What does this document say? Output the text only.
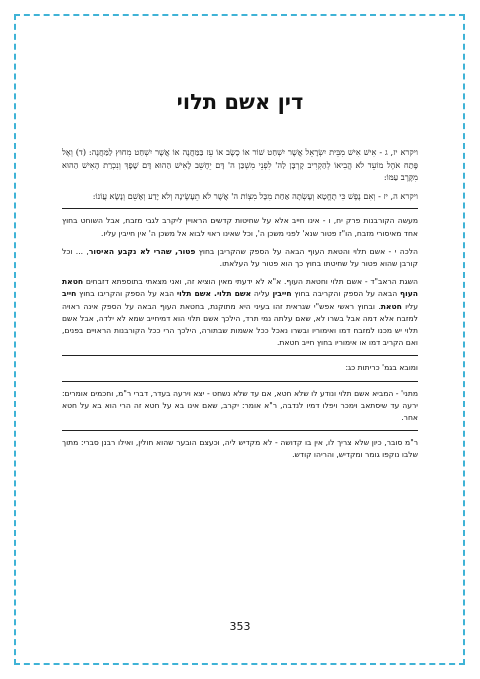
דין אשם תלוי

ויקרא יז, ג - אִישׁ אִישׁ מִבֵּית יִשְׂרָאֵל אֲשֶׁר יִשְׁחַט שׁוֹר אוֹ כֶשֶׂב אוֹ עֵז בַּמַּחֲנֶה אוֹ אֲשֶׁר יִשְׁחַט מִחוּץ לַמַּחֲנֶה: (ד) וְאֶל פֶּתַח אֹהֶל מוֹעֵד לֹא הֱבִיאוֹ לְהַקְרִיב קָרְבָּן לַה' לִפְנֵי מִשְׁכַּן ה' דָּם יֵחָשֵׁב לָאִישׁ הַהוּא דָּם שָׁפָךְ וְנִכְרַת הָאִישׁ הַהוּא מִקֶּרֶב עַמּוֹ:

ויקרא ה, יז - וְאִם נֶפֶשׁ כִּי תֶחֱטָא וְעָשְׂתָה אַחַת מִכָּל מִצְוֹת ה' אֲשֶׁר לֹא תֵעָשֶׂינָה וְלֹא יָדַע וְאָשֵׁם וְנָשָׂא עֲוֹנוֹ:

מעשה הקורבנות פרק יח, ו - אינו חייב אלא על שחיטות קדשים הראויין ליקרב לגבי מזבח, אבל השוחט בחוץ אחד מאיסורי מזבח, הו"ז פטור שנא' לפני משכן ה', וכל שאינו ראוי לבוא אל משכן ה' אין חייבין עליו.

הלכה י - אשם תלוי והטאת העוף הבאה על הספק שהקריבן בחוץ פטור, שהרי לא נקבע האיסור, ... וכל קורבן שהוא פטור על שחיטתו בחוץ כך הוא פטור על העלאתו.

השגת הראב"ד - אשם תלוי וחטאת העוף. א"א לא ידעתי מאין הוציא זה, ואני מצאתי בתוספתא דזבחים חטאת העוף הבאה על הספק והקריבה בחוץ חייבין עליה אשם תלוי. אשם תלוי הבא על הספק והקריבו בחוץ חייב עליו חטאת. ובחוץ ראשי אפש"י שגראית זהו בעיני היא מתוקנת, בחטאת העוף הבאה על הספק אינה ראויה למזבח אלא דמה אבל בשרו לא, שאם עלתה נמי תרד, הילכך אשם תלוי הוא דמיחייב שמא לא ילדה, אבל אשם תלוי יש מכנו למזבח דמו ואימוריו ובשרו נאכל ככל אשמות שבתורה, הילכך הרי ככל הקורבנות הראויים בפנים, ואם הקריב דמו או אימוריו בחוץ חייב חטאת.

ומובא בגמ' כריתות כג:

מתני' - המביא אשם תלוי ונודע לו שלא חטא, אם עד שלא נשחט - יצא וירעה בעדר, דברי ר"מ, וחכמים אומרים: ירעה עד שיסתאב וימכר ויפלו דמיו לנדבה, ר"א אומר: יקרב, שאם אינו בא על חטא זה הרי הוא בא על חטא אחר.

ר"מ סובר, כיון שלא צריך לו, אין בו קדושה - לא מקדיש ליה, וכעצם הובער שהוא חולין, ואילו רבנן סברי: מתוך שלבו נוקפו גומר ומקדיש, והריהו קודש.

353
